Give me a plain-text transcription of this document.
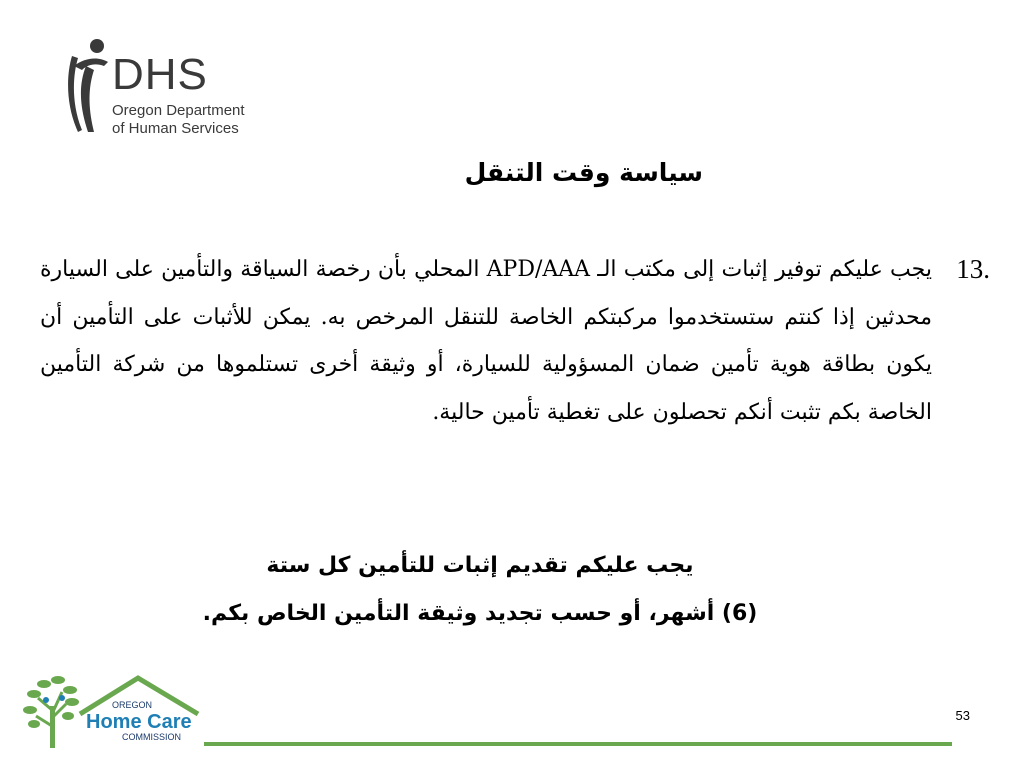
DHS
Oregon Department
of Human Services
سياسة وقت التنقل
.13
يجب عليكم توفير إثبات إلى مكتب الـ APD/AAA المحلي بأن رخصة السياقة والتأمين على السيارة محدثين إذا كنتم ستستخدموا مركبتكم الخاصة للتنقل المرخص به. يمكن للأثبات على التأمين أن يكون بطاقة هوية تأمين ضمان المسؤولية للسيارة، أو وثيقة أخرى تستلموها من شركة التأمين الخاصة بكم تثبت أنكم تحصلون على تغطية تأمين حالية.
يجب عليكم تقديم إثبات للتأمين كل ستة
(6) أشهر، أو حسب تجديد وثيقة التأمين الخاص بكم.
OREGON
Home Care
COMMISSION
53
